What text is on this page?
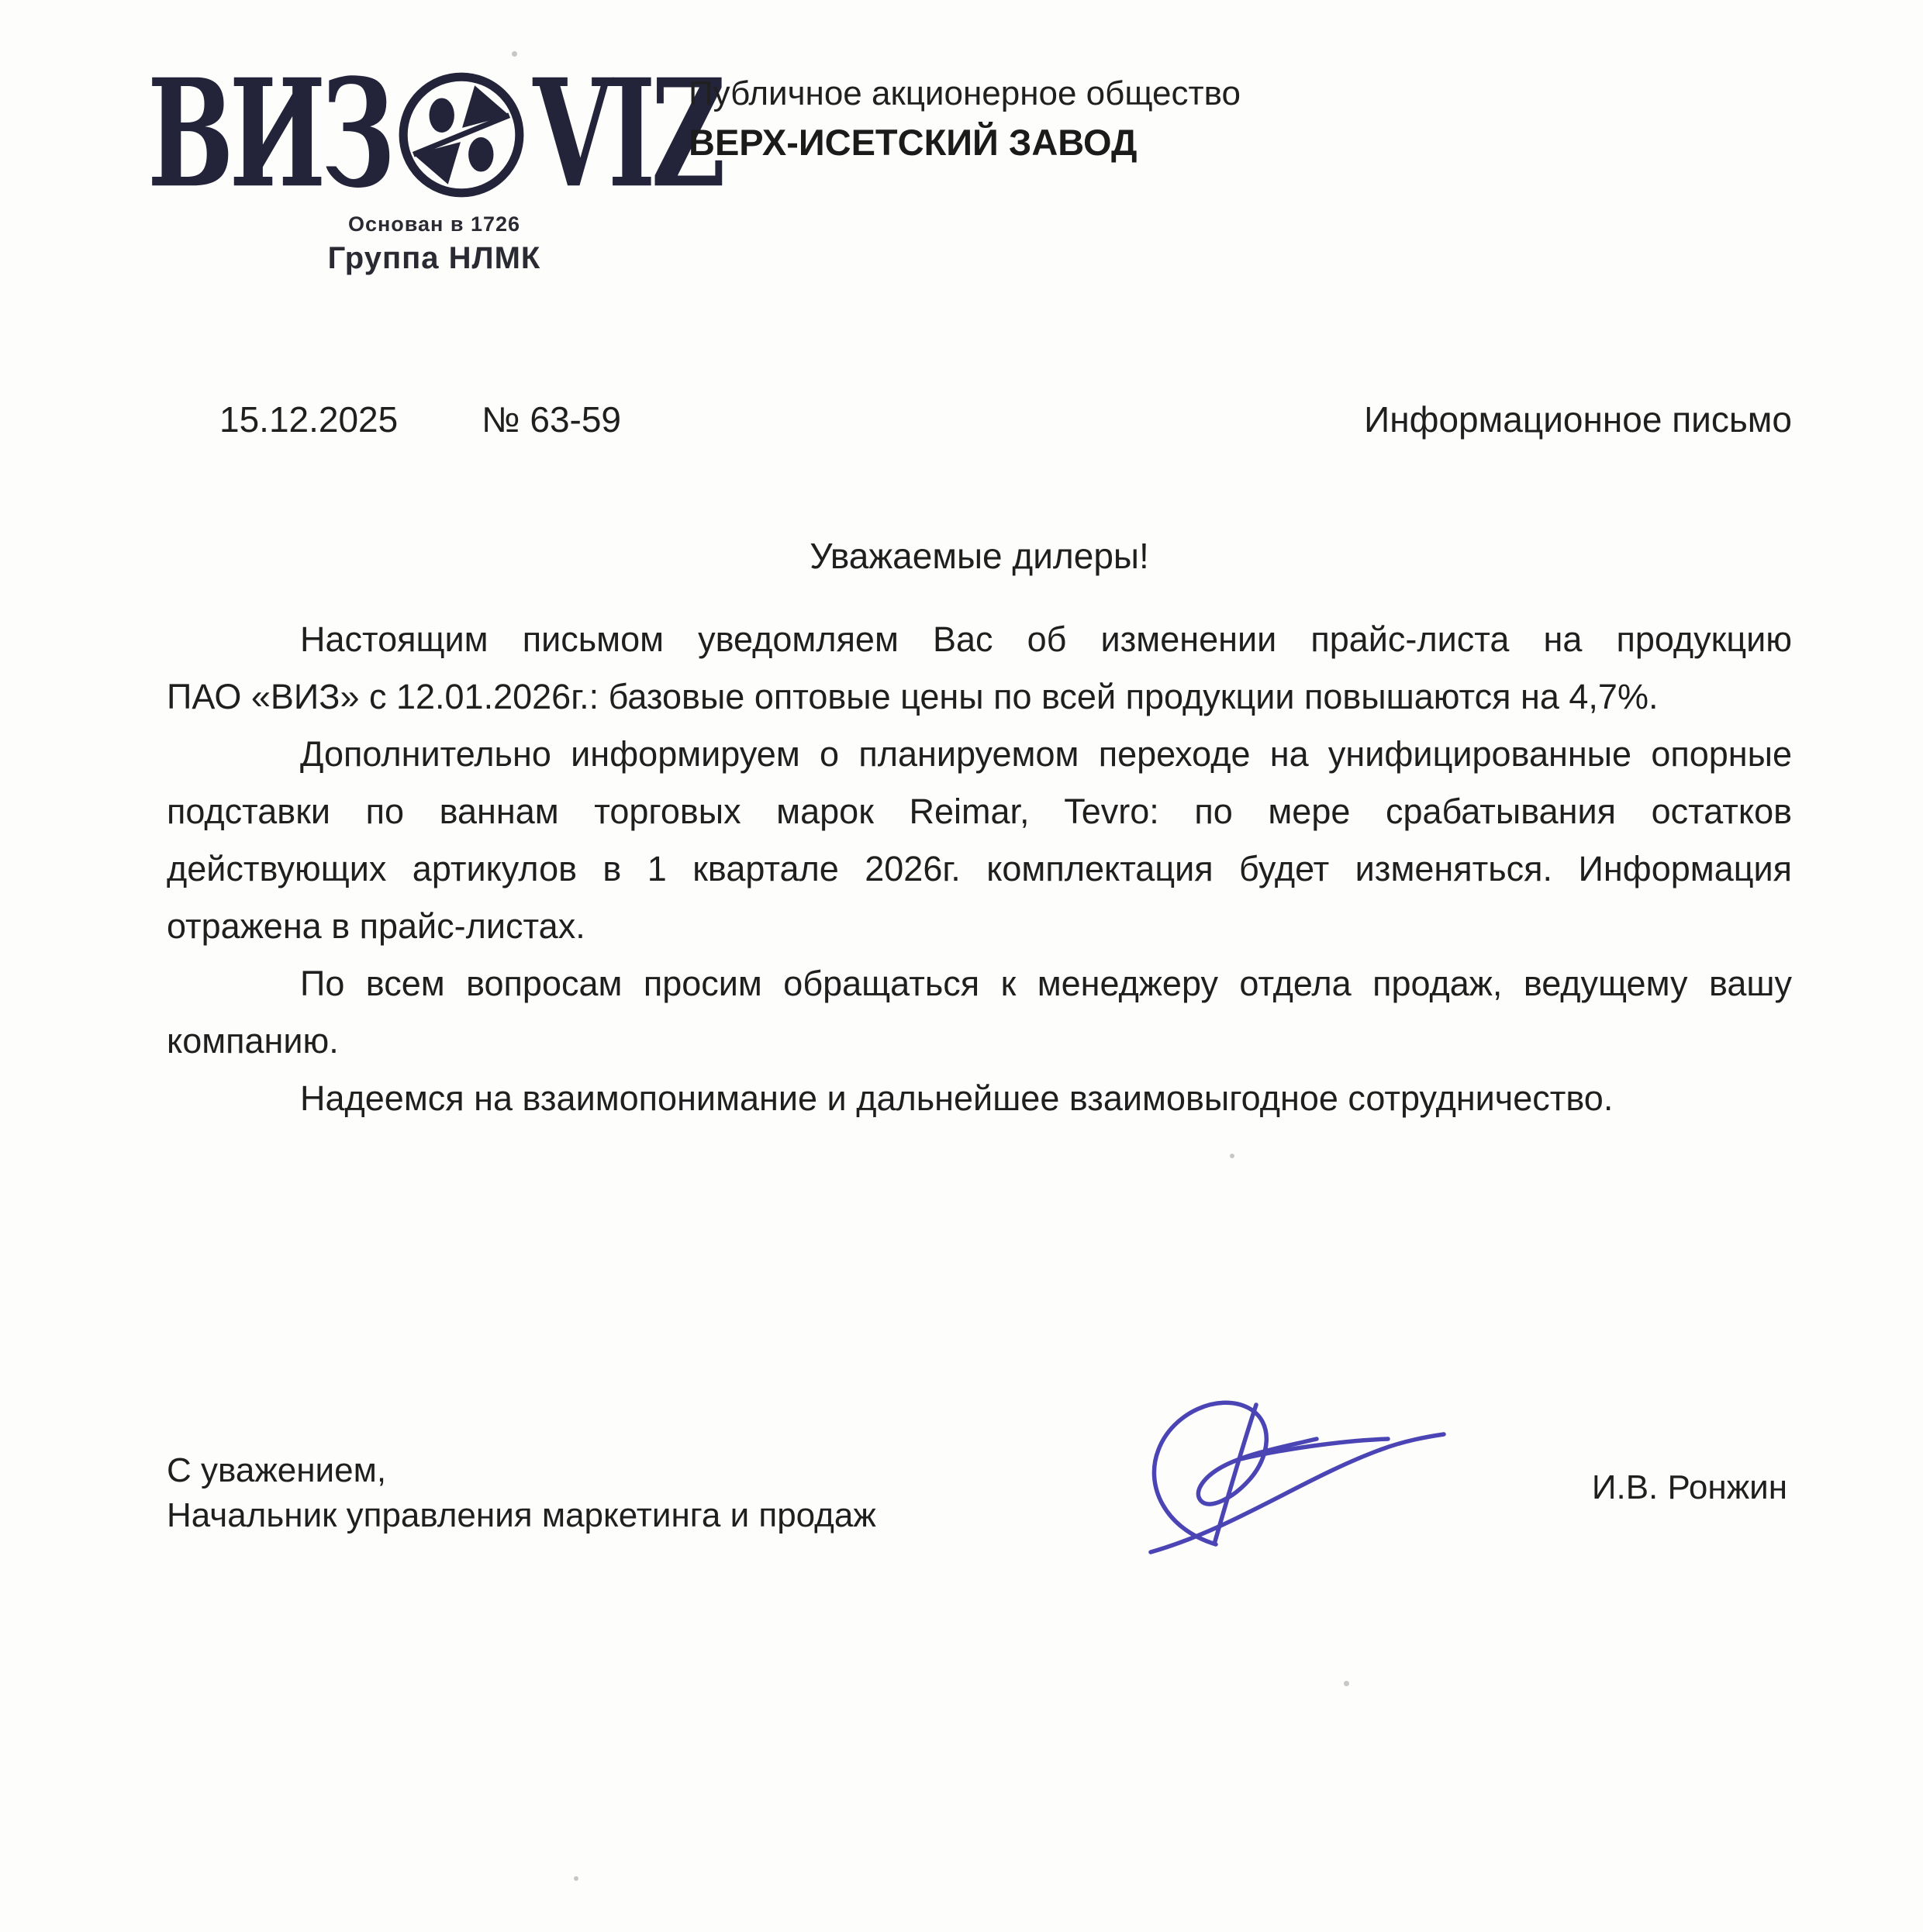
ВИЗ VIZ
Основан в 1726
Группа НЛМК
Публичное акционерное общество
ВЕРХ-ИСЕТСКИЙ ЗАВОД
15.12.2025 № 63-59	Информационное письмо
Уважаемые дилеры!
Настоящим письмом уведомляем Вас об изменении прайс-листа на продукцию
ПАО «ВИЗ» с 12.01.2026г.: базовые оптовые цены по всей продукции повышаются на 4,7%.
Дополнительно информируем о планируемом переходе на унифицированные опорные
подставки по ваннам торговых марок Reimar, Tevro: по мере срабатывания остатков
действующих артикулов в 1 квартале 2026г. комплектация будет изменяться. Информация
отражена в прайс-листах.
По всем вопросам просим обращаться к менеджеру отдела продаж, ведущему вашу
компанию.
Надеемся на взаимопонимание и дальнейшее взаимовыгодное сотрудничество.
С уважением,
Начальник управления маркетинга и продаж
И.В. Ронжин
